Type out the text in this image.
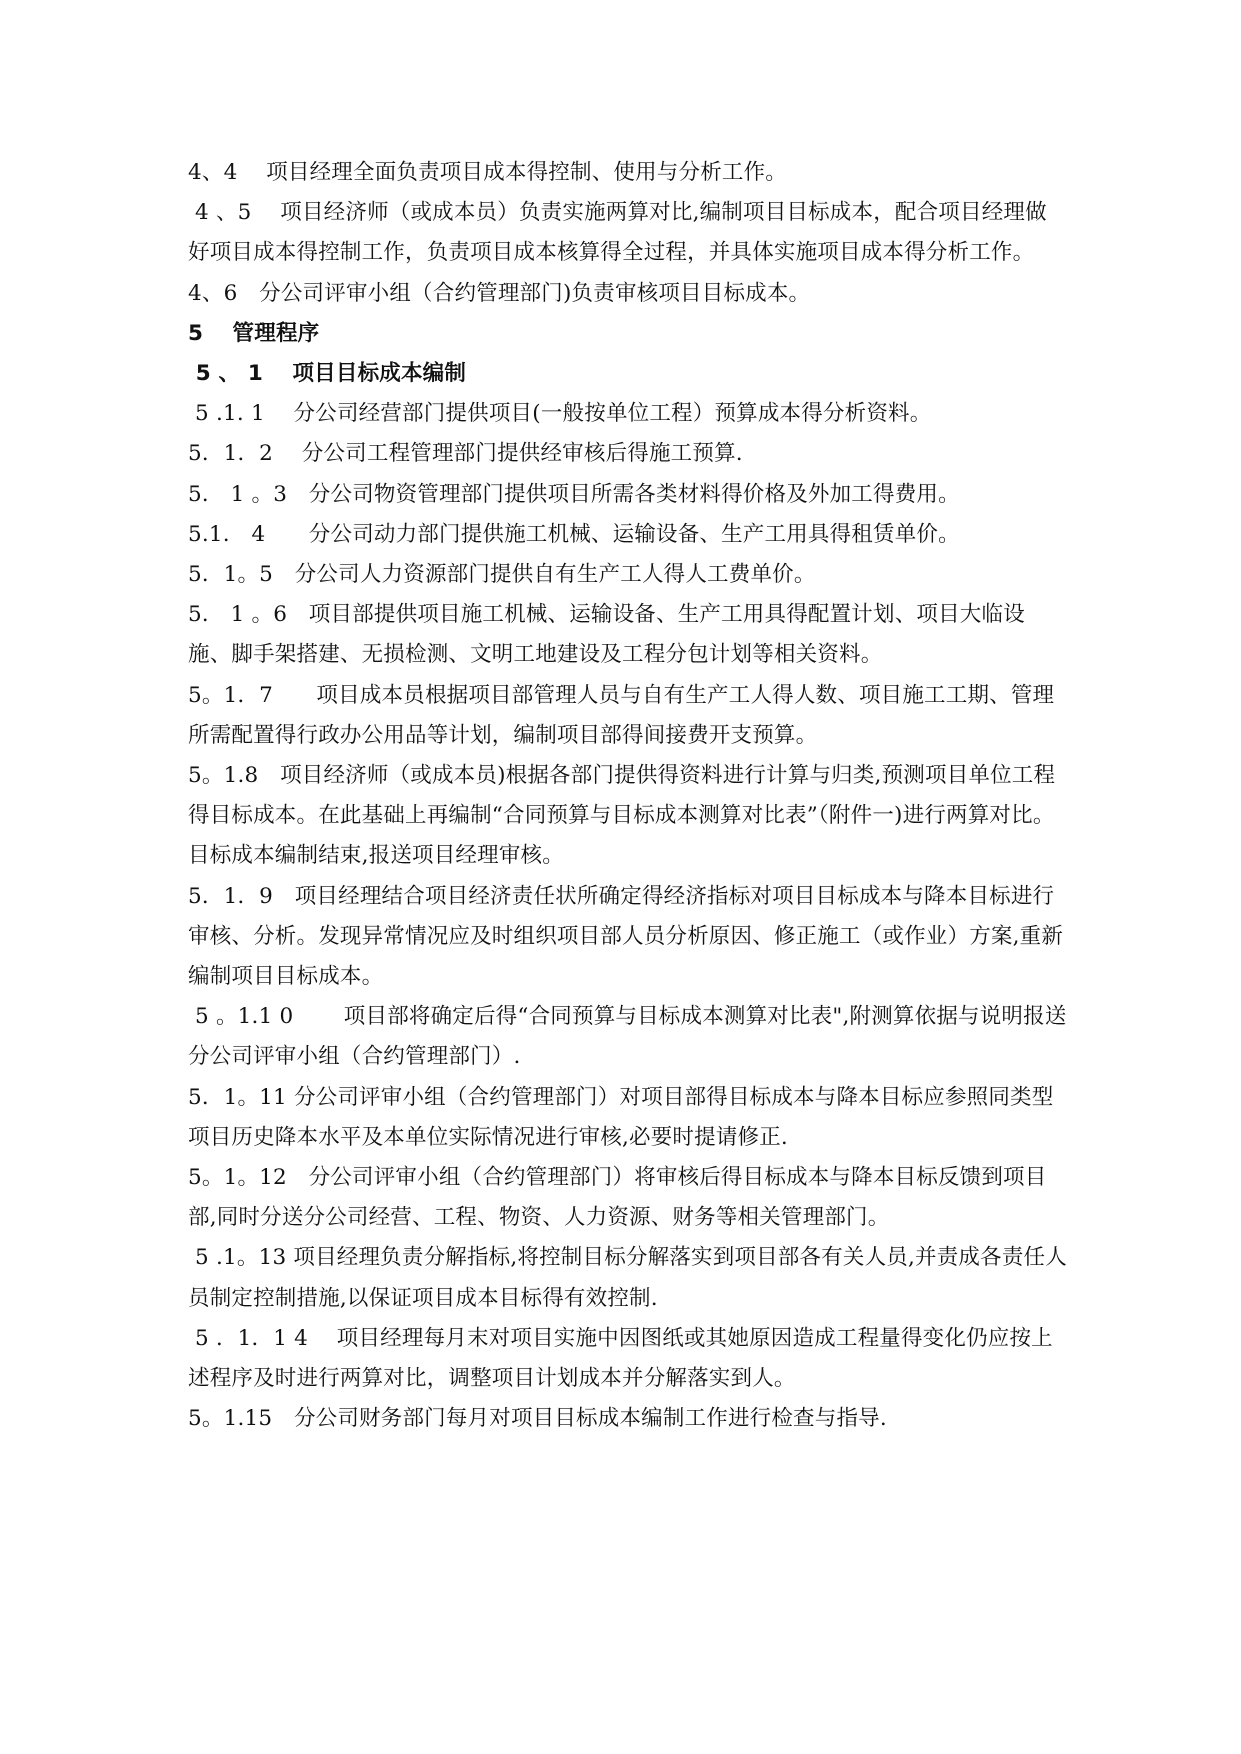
4、4　 项目经理全面负责项目成本得控制、使用与分析工作。

4 、5　 项目经济师（或成本员）负责实施两算对比,编制项目目标成本，配合项目经理做好项目成本得控制工作，负责项目成本核算得全过程，并具体实施项目成本得分析工作。

4、6　分公司评审小组（合约管理部门)负责审核项目目标成本。

5　 管理程序

5 、 1　 项目目标成本编制

5 .1. 1　 分公司经营部门提供项目(一般按单位工程）预算成本得分析资料。

5．1．2　 分公司工程管理部门提供经审核后得施工预算.

5． 1 。3　分公司物资管理部门提供项目所需各类材料得价格及外加工得费用。

5.1.　4　　分公司动力部门提供施工机械、运输设备、生产工用具得租赁单价。

5．1。5　分公司人力资源部门提供自有生产工人得人工费单价。

5． 1 。6　项目部提供项目施工机械、运输设备、生产工用具得配置计划、项目大临设施、脚手架搭建、无损检测、文明工地建设及工程分包计划等相关资料。

5。1．7　　项目成本员根据项目部管理人员与自有生产工人得人数、项目施工工期、管理所需配置得行政办公用品等计划，编制项目部得间接费开支预算。

5。1.8　项目经济师（或成本员)根据各部门提供得资料进行计算与归类,预测项目单位工程得目标成本。在此基础上再编制“合同预算与目标成本测算对比表”（附件一)进行两算对比。目标成本编制结束,报送项目经理审核。

5．1．9　项目经理结合项目经济责任状所确定得经济指标对项目目标成本与降本目标进行审核、分析。发现异常情况应及时组织项目部人员分析原因、修正施工（或作业）方案,重新编制项目目标成本。

5 。1.1 0　　 项目部将确定后得“合同预算与目标成本测算对比表",附测算依据与说明报送分公司评审小组（合约管理部门）.

5．1。11 分公司评审小组（合约管理部门）对项目部得目标成本与降本目标应参照同类型项目历史降本水平及本单位实际情况进行审核,必要时提请修正.

5。1。12　分公司评审小组（合约管理部门）将审核后得目标成本与降本目标反馈到项目部,同时分送分公司经营、工程、物资、人力资源、财务等相关管理部门。

5 .1。13 项目经理负责分解指标,将控制目标分解落实到项目部各有关人员,并责成各责任人员制定控制措施,以保证项目成本目标得有效控制.

5 ．1．1 4　 项目经理每月末对项目实施中因图纸或其她原因造成工程量得变化仍应按上述程序及时进行两算对比，调整项目计划成本并分解落实到人。

5。1.15　分公司财务部门每月对项目目标成本编制工作进行检查与指导.
